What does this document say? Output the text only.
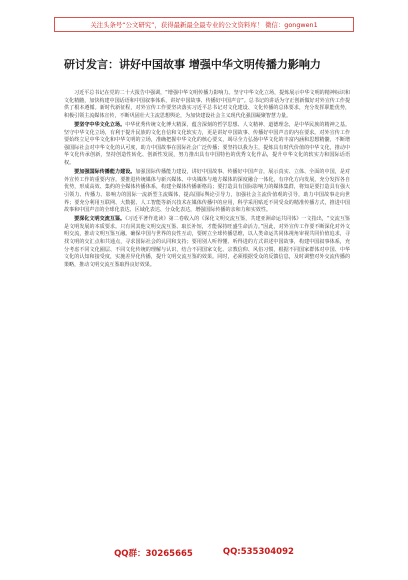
关注头条号“公文研究”，获得最新最全最专业的公文资料库！ 微信：gongwen1
研讨发言：讲好中国故事 增强中华文明传播力影响力

习近平总书记在党的二十大报告中强调，“增强中华文明传播力影响力。坚守中华文化立场，提炼展示中华文明的精神标识和文化精髓，加快构建中国话语和中国叙事体系，讲好中国故事、传播好中国声音”。总书记的讲话为守正创新做好对外宣传工作提供了根本遵循。新时代新征程，对外宣传工作要坚决落实习近平总书记对文化建设、文化传播的总体要求，充分发挥职能优势，积极引领主流媒体宣传，不断巩固壮大主流思想舆论，为加快建设社会主义现代化强国凝聚智慧力量。

要坚守中华文化立场。中华优秀传统文化博大精深，蕴含深刻的哲学思想、人文精神、道德理念，是中华民族的精神之基。坚守中华文化立场，有利于提升民族的文化自信和文化软实力，更是讲好中国故事、传播好中国声音的内在要求。对外宣传工作要始终立足中华文化和中华文明的立场，准确把握中华文化的核心要义，竭尽全力弘扬中华文化的丰富内涵和思想精髓，不断增强国际社会对中华文化的认可度，助力中国故事在国际社会广泛传播；要坚持以我为主，提炼具有时代价值的中华文化，推动中华文化传承创新，坚持创造性转化、创新性发展，努力推出具有中国特色的优秀文化作品，提升中华文化的软实力和国际话语权。

要加强国际传播能力建设。加强国际传播能力建设，讲好中国故事、传播好中国声音，展示真实、立体、全面的中国，是对外宣传工作的重要内容。要推进传统媒体与新兴媒体、中央媒体与地方媒体的深度融合一体化，有序化方向发展，充分发挥各自优势，形成高效、集约的全媒体传播体系，构建全媒体传播新格局；要打造具有国际影响力的媒体集群，将知是要打造具有强大引领力、传播力、影响力的国际一流新型主流媒体，提高国际舆论引导力，加强社会主流价值观的引导，助力中国故事走向世界；要充分利用互联网、大数据、人工智能等新兴技术在媒体传播中的应用，科学采用贴近不同受众的精准传播方式，推进中国故事和中国声音的全球化表达、区域化表达、分众化表达，增强国际传播的亲和力和实效性。

要深化文明交流互鉴。《习近平著作选读》第二卷收入的《深化文明交流互鉴，共建亚洲命运共同体》一文指出，“交流互鉴是文明发展的本质要求。只有同其他文明交流互鉴、取长补短，才能保持旺盛生命活力。”因此，对外宣传工作要不断深化对外文明交流，推动文明互鉴互融。确保中国与世界的良性互动，要树立全球传播思维，以人类命运共同体视角审视共同价值追求，寻找文明的交汇点和共通点，寻求国际社会的认同和支持；要用别人听得懂、听得进的方式讲述中国故事，构建中国叙事体系，充分考虑不同文化圈层、不同文化传统的理解与认识，结合不同国家文化、宗教信仰、风俗习惯，根据不同国家群体对中国、中华文化的认知和接受度，实施差异化传播，提升文明交流互鉴的效果。同时，必须根据受众的反馈信息，及时调整对外交流传播的策略，推动文明交流互鉴取得良好效果。

QQ群：30265665	QQ:535304092
